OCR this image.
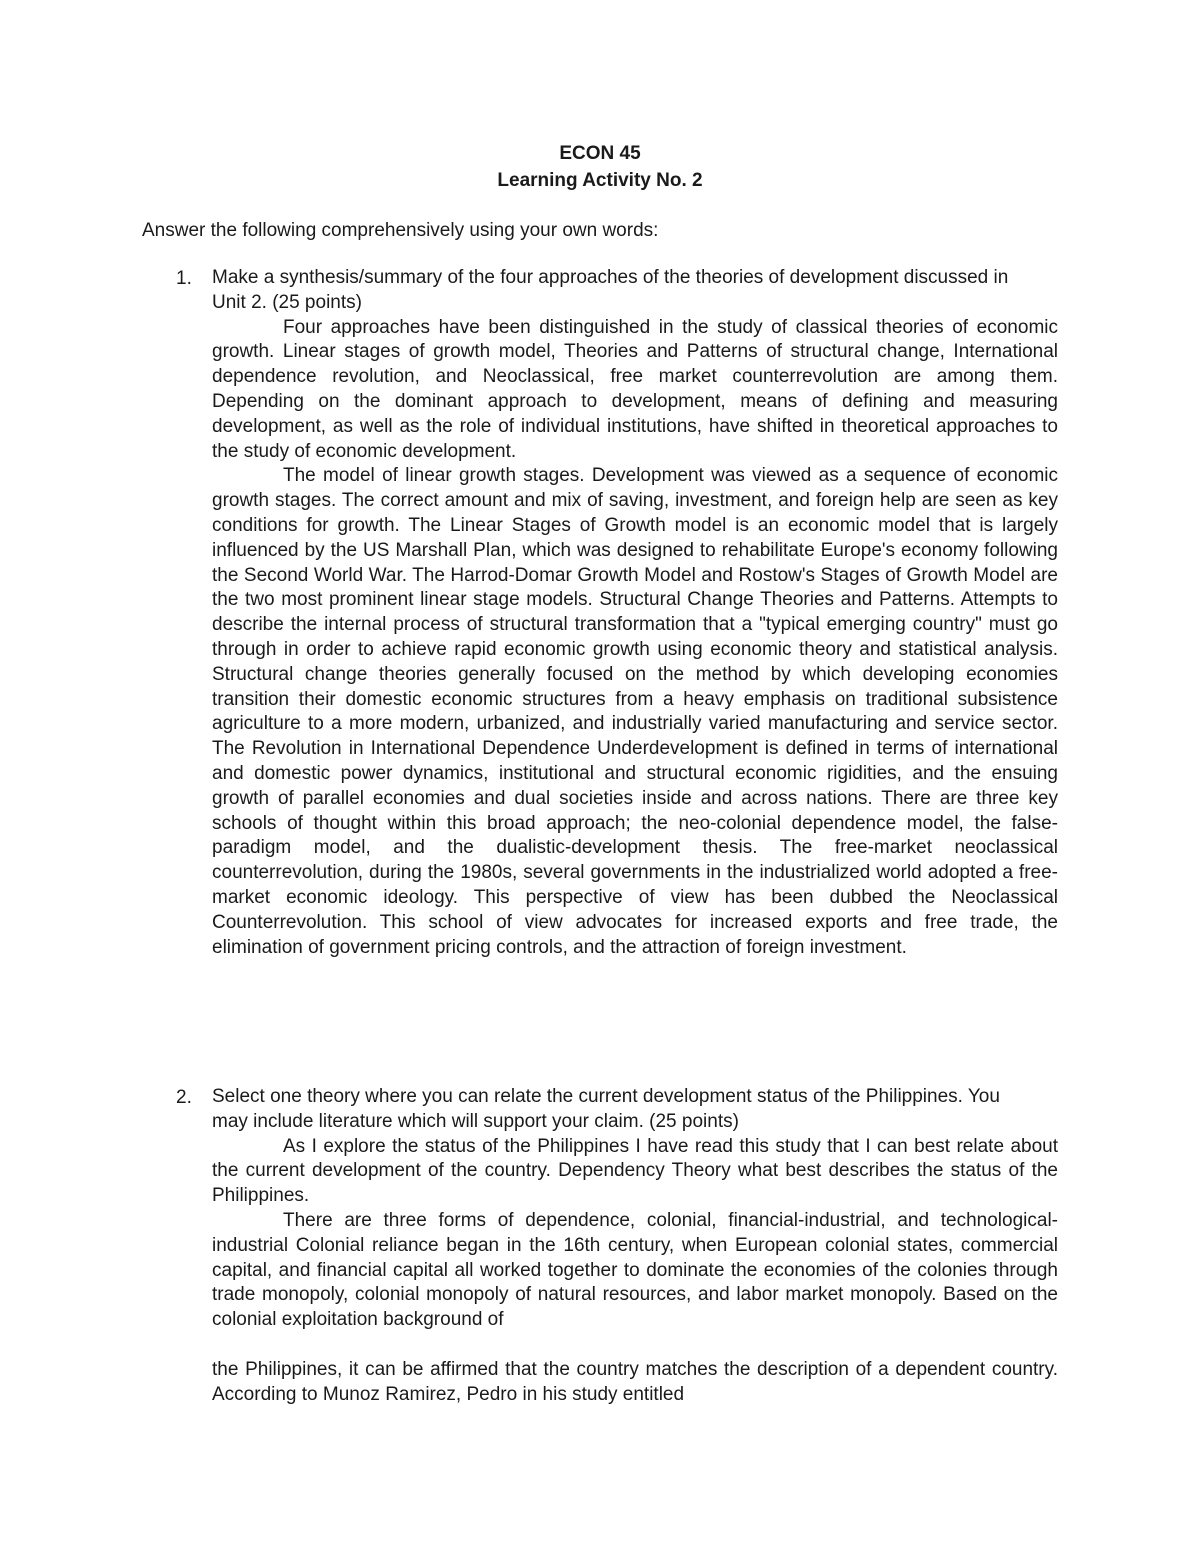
ECON 45
Learning Activity No. 2
Answer the following comprehensively using your own words:
1. Make a synthesis/summary of the four approaches of the theories of development discussed in Unit 2. (25 points)

Four approaches have been distinguished in the study of classical theories of economic growth. Linear stages of growth model, Theories and Patterns of structural change, International dependence revolution, and Neoclassical, free market counterrevolution are among them. Depending on the dominant approach to development, means of defining and measuring development, as well as the role of individual institutions, have shifted in theoretical approaches to the study of economic development.

The model of linear growth stages. Development was viewed as a sequence of economic growth stages. The correct amount and mix of saving, investment, and foreign help are seen as key conditions for growth. The Linear Stages of Growth model is an economic model that is largely influenced by the US Marshall Plan, which was designed to rehabilitate Europe's economy following the Second World War. The Harrod-Domar Growth Model and Rostow's Stages of Growth Model are the two most prominent linear stage models. Structural Change Theories and Patterns. Attempts to describe the internal process of structural transformation that a "typical emerging country" must go through in order to achieve rapid economic growth using economic theory and statistical analysis. Structural change theories generally focused on the method by which developing economies transition their domestic economic structures from a heavy emphasis on traditional subsistence agriculture to a more modern, urbanized, and industrially varied manufacturing and service sector. The Revolution in International Dependence Underdevelopment is defined in terms of international and domestic power dynamics, institutional and structural economic rigidities, and the ensuing growth of parallel economies and dual societies inside and across nations. There are three key schools of thought within this broad approach; the neo-colonial dependence model, the false-paradigm model, and the dualistic-development thesis. The free-market neoclassical counterrevolution, during the 1980s, several governments in the industrialized world adopted a free-market economic ideology. This perspective of view has been dubbed the Neoclassical Counterrevolution. This school of view advocates for increased exports and free trade, the elimination of government pricing controls, and the attraction of foreign investment.

2. Select one theory where you can relate the current development status of the Philippines. You may include literature which will support your claim. (25 points)

As I explore the status of the Philippines I have read this study that I can best relate about the current development of the country. Dependency Theory what best describes the status of the Philippines.

There are three forms of dependence, colonial, financial-industrial, and technological-industrial Colonial reliance began in the 16th century, when European colonial states, commercial capital, and financial capital all worked together to dominate the economies of the colonies through trade monopoly, colonial monopoly of natural resources, and labor market monopoly. Based on the colonial exploitation background of

the Philippines, it can be affirmed that the country matches the description of a dependent country. According to Munoz Ramirez, Pedro in his study entitled
